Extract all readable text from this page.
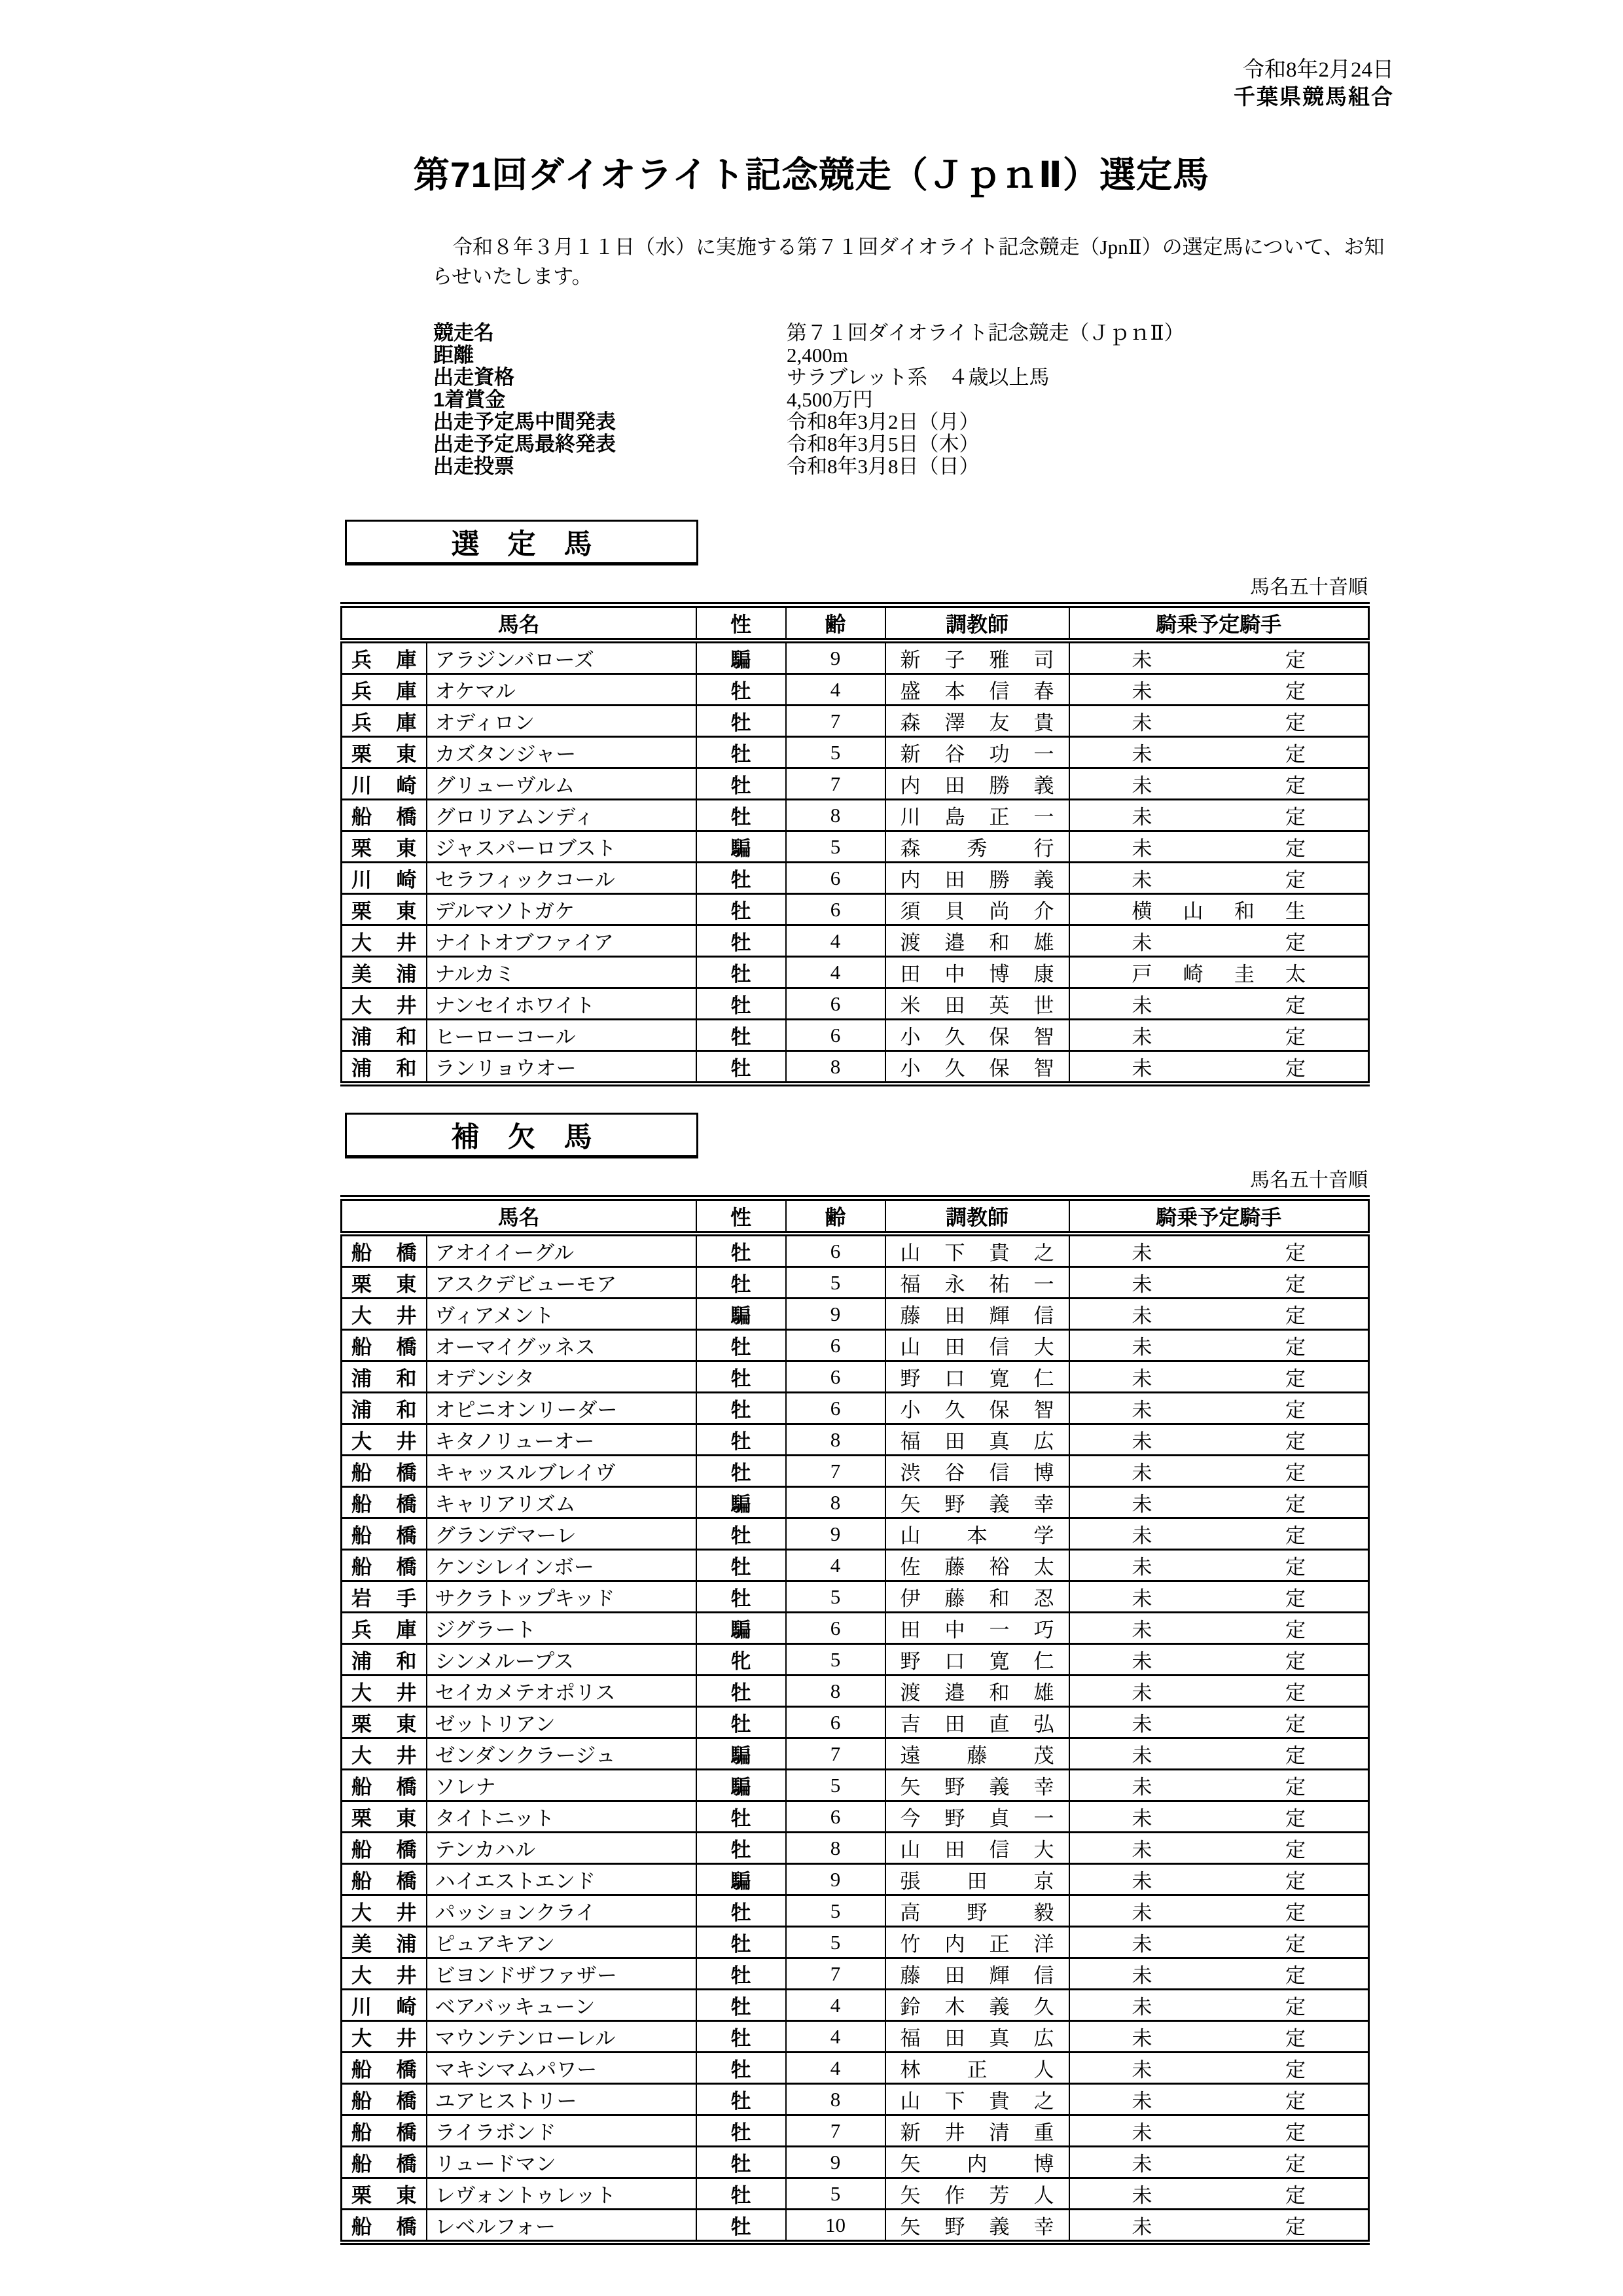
令和8年2月24日
千葉県競馬組合
第71回ダイオライト記念競走（ＪｐｎⅡ）選定馬

令和８年３月１１日（水）に実施する第７１回ダイオライト記念競走（JpnⅡ）の選定馬について、お知らせいたします。

競走名	第７１回ダイオライト記念競走（ＪｐｎⅡ）
距離	2,400m
出走資格	サラブレット系　４歳以上馬
1着賞金	4,500万円
出走予定馬中間発表	令和8年3月2日（月）
出走予定馬最終発表	令和8年3月5日（木）
出走投票	令和8年3月8日（日）
選　定　馬
馬名五十音順
馬名		性	齢	調教師	騎乗予定騎手

兵 庫	アラジンバローズ	騙	9	新 子 雅 司	未 定

兵 庫	オケマル	牡	4	盛 本 信 春	未 定

兵 庫	オディロン	牡	7	森 澤 友 貴	未 定

栗 東	カズタンジャー	牡	5	新 谷 功 一	未 定

川 崎	グリューヴルム	牡	7	内 田 勝 義	未 定

船 橋	グロリアムンディ	牡	8	川 島 正 一	未 定

栗 東	ジャスパーロブスト	騙	5	森 秀 行	未 定

川 崎	セラフィックコール	牡	6	内 田 勝 義	未 定

栗 東	デルマソトガケ	牡	6	須 貝 尚 介	横 山 和 生

大 井	ナイトオブファイア	牡	4	渡 邉 和 雄	未 定

美 浦	ナルカミ	牡	4	田 中 博 康	戸 崎 圭 太

大 井	ナンセイホワイト	牡	6	米 田 英 世	未 定

浦 和	ヒーローコール	牡	6	小 久 保 智	未 定

浦 和	ランリョウオー	牡	8	小 久 保 智	未 定
補　欠　馬
馬名五十音順
馬名		性	齢	調教師	騎乗予定騎手

船 橋	アオイイーグル	牡	6	山 下 貴 之	未 定

栗 東	アスクデビューモア	牡	5	福 永 祐 一	未 定

大 井	ヴィアメント	騙	9	藤 田 輝 信	未 定

船 橋	オーマイグッネス	牡	6	山 田 信 大	未 定

浦 和	オデンシタ	牡	6	野 口 寛 仁	未 定

浦 和	オピニオンリーダー	牡	6	小 久 保 智	未 定

大 井	キタノリューオー	牡	8	福 田 真 広	未 定

船 橋	キャッスルブレイヴ	牡	7	渋 谷 信 博	未 定

船 橋	キャリアリズム	騙	8	矢 野 義 幸	未 定

船 橋	グランデマーレ	牡	9	山 本 学	未 定

船 橋	ケンシレインボー	牡	4	佐 藤 裕 太	未 定

岩 手	サクラトップキッド	牡	5	伊 藤 和 忍	未 定

兵 庫	ジグラート	騙	6	田 中 一 巧	未 定

浦 和	シンメループス	牝	5	野 口 寛 仁	未 定

大 井	セイカメテオポリス	牡	8	渡 邉 和 雄	未 定

栗 東	ゼットリアン	牡	6	吉 田 直 弘	未 定

大 井	ゼンダンクラージュ	騙	7	遠 藤 茂	未 定

船 橋	ソレナ	騙	5	矢 野 義 幸	未 定

栗 東	タイトニット	牡	6	今 野 貞 一	未 定

船 橋	テンカハル	牡	8	山 田 信 大	未 定

船 橋	ハイエストエンド	騙	9	張 田 京	未 定

大 井	パッションクライ	牡	5	高 野 毅	未 定

美 浦	ピュアキアン	牡	5	竹 内 正 洋	未 定

大 井	ビヨンドザファザー	牡	7	藤 田 輝 信	未 定

川 崎	ベアバッキューン	牡	4	鈴 木 義 久	未 定

大 井	マウンテンローレル	牡	4	福 田 真 広	未 定

船 橋	マキシマムパワー	牡	4	林 正 人	未 定

船 橋	ユアヒストリー	牡	8	山 下 貴 之	未 定

船 橋	ライラボンド	牡	7	新 井 清 重	未 定

船 橋	リュードマン	牡	9	矢 内 博	未 定

栗 東	レヴォントゥレット	牡	5	矢 作 芳 人	未 定

船 橋	レベルフォー	牡	10	矢 野 義 幸	未 定
